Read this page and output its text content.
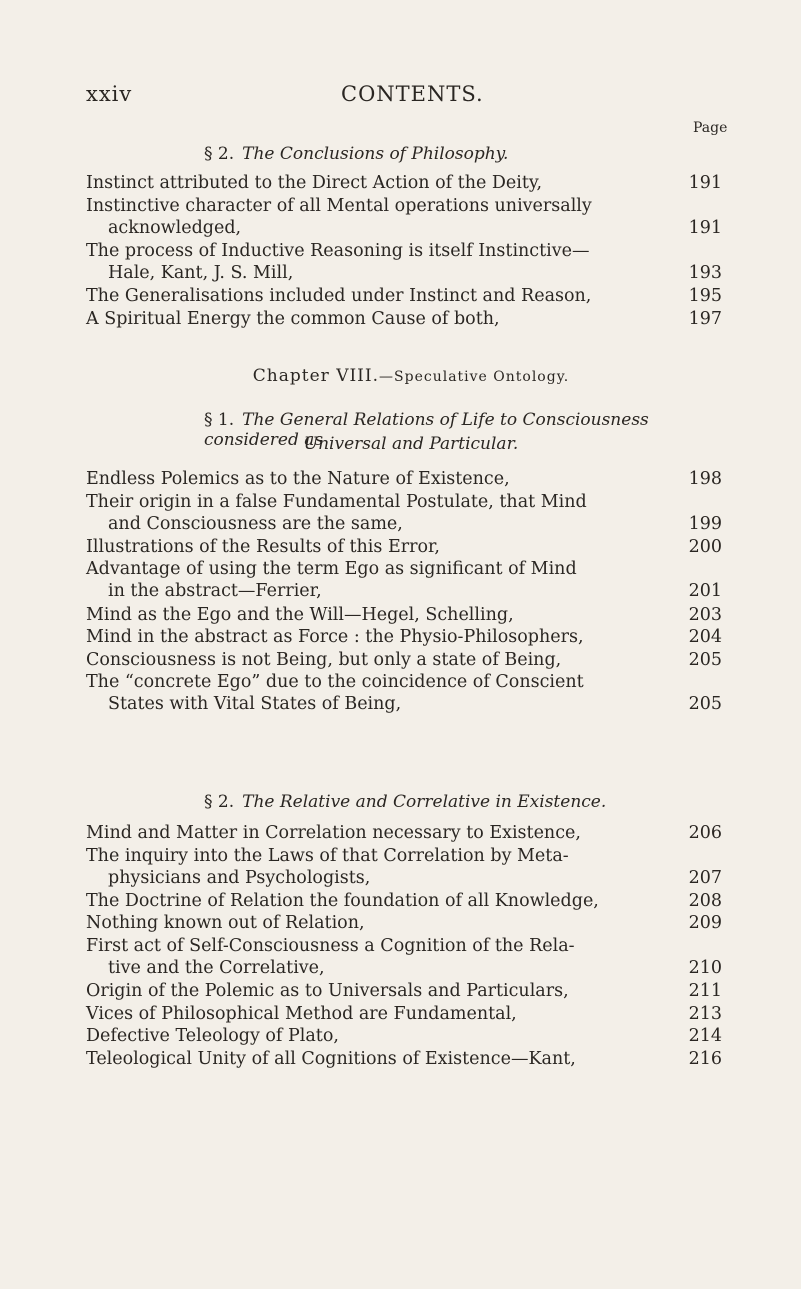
xxiv	CONTENTS.
Page
§ 2. The Conclusions of Philosophy.
Instinct attributed to the Direct Action of the Deity,	191
Instinctive character of all Mental operations universally
acknowledged,	191
The process of Inductive Reasoning is itself Instinctive—
Hale, Kant, J. S. Mill,	193
The Generalisations included under Instinct and Reason,	195
A Spiritual Energy the common Cause of both,	197
Chapter VIII.—Speculative Ontology.
§ 1. The General Relations of Life to Consciousness considered as
Universal and Particular.
Endless Polemics as to the Nature of Existence,	198
Their origin in a false Fundamental Postulate, that Mind
and Consciousness are the same,	199
Illustrations of the Results of this Error,	200
Advantage of using the term Ego as significant of Mind
in the abstract—Ferrier,	201
Mind as the Ego and the Will—Hegel, Schelling,	203
Mind in the abstract as Force : the Physio-Philosophers,	204
Consciousness is not Being, but only a state of Being,	205
The “concrete Ego” due to the coincidence of Conscient
States with Vital States of Being,	205
§ 2. The Relative and Correlative in Existence.
Mind and Matter in Correlation necessary to Existence,	206
The inquiry into the Laws of that Correlation by Meta-
physicians and Psychologists,	207
The Doctrine of Relation the foundation of all Knowledge,	208
Nothing known out of Relation,	209
First act of Self-Consciousness a Cognition of the Rela-
tive and the Correlative,	210
Origin of the Polemic as to Universals and Particulars,	211
Vices of Philosophical Method are Fundamental,	213
Defective Teleology of Plato,	214
Teleological Unity of all Cognitions of Existence—Kant,	216
